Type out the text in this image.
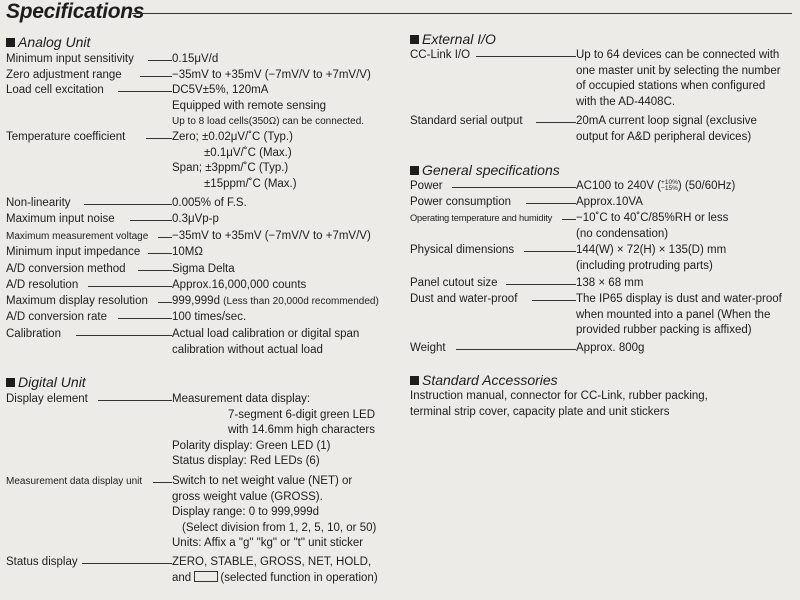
Specifications
Analog Unit
Minimum input sensitivity	0.15μV/d
Zero adjustment range	−35mV to +35mV (−7mV/V to +7mV/V)
Load cell excitation	DC5V±5%, 120mA
Equipped with remote sensing
Up to 8 load cells(350Ω) can be connected.
Temperature coefficient	Zero; ±0.02μV/˚C (Typ.)
±0.1μV/˚C (Max.)
Span; ±3ppm/˚C (Typ.)
±15ppm/˚C (Max.)
Non-linearity	0.005% of F.S.
Maximum input noise	0.3μVp-p
Maximum measurement voltage −35mV to +35mV (−7mV/V to +7mV/V)
Minimum input impedance	10MΩ
A/D conversion method	Sigma Delta
A/D resolution	Approx.16,000,000 counts
Maximum display resolution 999,999d (Less than 20,000d recommended)
A/D conversion rate	100 times/sec.
Calibration	Actual load calibration or digital span
calibration without actual load
Digital Unit
Display element	Measurement data display:
7-segment 6-digit green LED
with 14.6mm high characters
Polarity display: Green LED (1)
Status display: Red LEDs (6)
Measurement data display unit	Switch to net weight value (NET) or
gross weight value (GROSS).
Display range: 0 to 999,999d
(Select division from 1, 2, 5, 10, or 50)
Units: Affix a "g" "kg" or "t" unit sticker
Status display	ZERO, STABLE, GROSS, NET, HOLD,
and	(selected function in operation)
External I/O
CC-Link I/O	Up to 64 devices can be connected with
one master unit by selecting the number
of occupied stations when configured
with the AD-4408C.
Standard serial output	20mA current loop signal (exclusive
output for A&D peripheral devices)
General specifications
Power	AC100 to 240V ( +10%
−15% ) (50/60Hz)
Power consumption	Approx.10VA
Operating temperature and humidity −10˚C to 40˚C/85%RH or less
(no condensation)
Physical dimensions	144(W) × 72(H) × 135(D) mm
(including protruding parts)
Panel cutout size	138 × 68 mm
Dust and water-proof	The IP65 display is dust and water-proof
when mounted into a panel (When the
provided rubber packing is affixed)
Weight	Approx. 800g
Standard Accessories
Instruction manual, connector for CC-Link, rubber packing,
terminal strip cover, capacity plate and unit stickers
